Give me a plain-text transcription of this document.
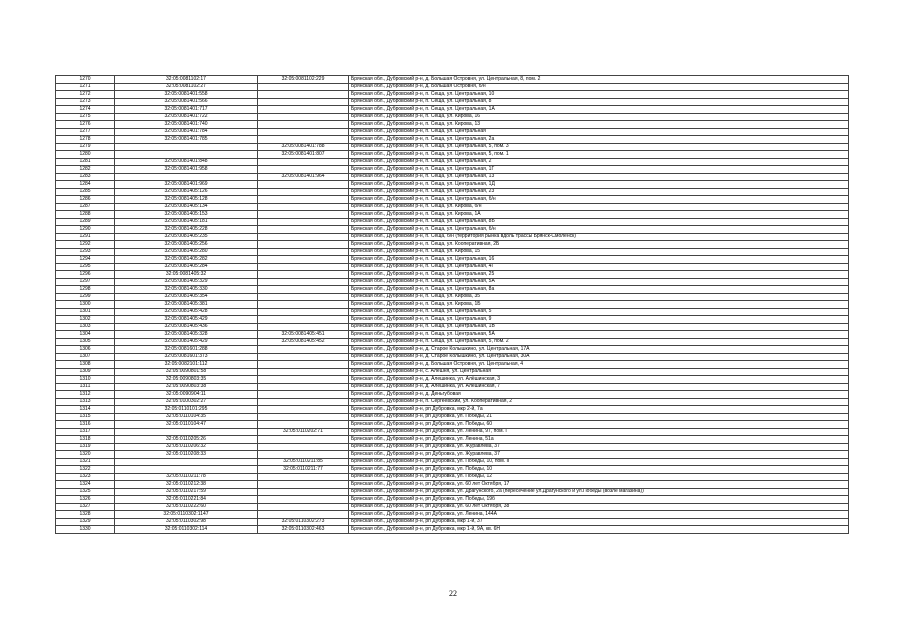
1270	32:05:0081102:17	32:05:0081102:229	Брянская обл., Дубровский р-н, д. Большая Островня, ул. Центральная, 8, пом. 2
1271	32:05:0081102:27		Брянская обл., Дубровский р-н, д. Большая Островня, б/н
1272	32:05:0081401:558		Брянская обл., Дубровский р-н, п. Сеща, ул. Центральная, 10
1273	32:05:0081401:566		Брянская обл., Дубровский р-н, п. Сеща, ул. Центральная, 8
1274	32:05:0081401:717		Брянская обл., Дубровский р-н, п. Сеща, ул. Центральная, 1А
1275	32:05:0081401:722		Брянская обл., Дубровский р-н, п. Сеща, ул. Кирова, 16
1276	32:05:0081401:740		Брянская обл., Дубровский р-н, п. Сеща, ул. Кирова, 13
1277	32:05:0081401:784		Брянская обл., Дубровский р-н, п. Сеща, ул. Центральная
1278	32:05:0081401:785		Брянская обл., Дубровский р-н, п. Сеща, ул. Центральная, 2а
1279		32:05:0081401:788	Брянская обл., Дубровский р-н, п. Сеща, ул. Центральная, 5, пом. 3
1280		32:05:0081401:807	Брянская обл., Дубровский р-н, п. Сеща, ул. Центральная, 5, пом. 1
1281	32:05:0081401:848		Брянская обл., Дубровский р-н, п. Сеща, ул. Центральная, 2
1282	32:05:0081401:958		Брянская обл., Дубровский р-н, п. Сеща, ул. Центральная, 1Г
1283		32:05:0081401:964	Брянская обл., Дубровский р-н, п. Сеща, ул. Центральная, 13
1284	32:05:0081401:969		Брянская обл., Дубровский р-н, п. Сеща, ул. Центральная, 1Д
1285	32:05:0081405:126		Брянская обл., Дубровский р-н, п. Сеща, ул. Центральная, 23
1286	32:05:0081405:128		Брянская обл., Дубровский р-н, п. Сеща, ул. Центральная, б/н
1287	32:05:0081405:134		Брянская обл., Дубровский р-н, п. Сеща, ул. Кирова, б/н
1288	32:05:0081405:153		Брянская обл., Дубровский р-н, п. Сеща, ул. Кирова, 1А
1289	32:05:0081405:181		Брянская обл., Дубровский р-н, п. Сеща, ул. Центральная, 8Б
1290	32:05:0081405:228		Брянская обл., Дубровский р-н, п. Сеща, ул. Центральная, б/н
1291	32:05:0081405:235		Брянская обл., Дубровский р-н, п. Сеща, б/н (территория рынка вдоль трассы Брянск-Смоленск)
1292	32:05:0081405:256		Брянская обл., Дубровский р-н, п. Сеща, ул. Кооперативная, 2Б
1293	32:05:0081405:280		Брянская обл., Дубровский р-н, п. Сеща, ул. Кирова, 15
1294	32:05:0081405:282		Брянская обл., Дубровский р-н, п. Сеща, ул. Центральная, 16
1295	32:05:0081405:284		Брянская обл., Дубровский р-н, п. Сеща, ул. Центральная, 4Г
1296	32:05:0081405:32		Брянская обл., Дубровский р-н, п. Сеща, ул. Центральная, 25
1297	32:05:0081405:329		Брянская обл., Дубровский р-н, п. Сеща, ул. Центральная, 5А
1298	32:05:0081405:330		Брянская обл., Дубровский р-н, п. Сеща, ул. Центральная, 8а
1299	32:05:0081405:354		Брянская обл., Дубровский р-н, п. Сеща, ул. Кирова, 35
1300	32:05:0081405:381		Брянская обл., Дубровский р-н, п. Сеща, ул. Кирова, 1Б
1301	32:05:0081405:428		Брянская обл., Дубровский р-н, п. Сеща, ул. Центральная, 5
1302	32:05:0081405:429		Брянская обл., Дубровский р-н, п. Сеща, ул. Центральная, 9
1303	32:05:0081405:436		Брянская обл., Дубровский р-н, п. Сеща, ул. Центральная, 1В
1304	32:05:0081405:328	32:05:0081405:451	Брянская обл., Дубровский р-н, п. Сеща, ул. Центральная, 5А
1305	32:05:0081405:429	32:05:0081405:452	Брянская обл., Дубровский р-н, п. Сеща, ул. Центральная, 5, пом. 2
1306	32:05:0081601:288		Брянская обл., Дубровский р-н, д. Старое Колышкино, ул. Центральная, 17А
1307	32:05:0081601:373		Брянская обл., Дубровский р-н, д. Старое Колышкино, ул. Центральная, 30А
1308	32:05:0082101:112		Брянская обл., Дубровский р-н, д. Большая Островня, ул. Центральная, 4
1309	32:05:0090801:58		Брянская обл., Дубровский р-н, с. Алешня, ул. Центральная
1310	32:05:0090803:35		Брянская обл., Дубровский р-н, д. Алешинка, ул. Алёшинская, 3
1311	32:05:0090803:38		Брянская обл., Дубровский р-н, д. Алешинка, ул. Алёшинская, 7
1312	32:05:0090904:11		Брянская обл., Дубровский р-н, д. Деньгубовая
1313	32:05:0100302:27		Брянская обл., Дубровский р-н, п. Сергеевский, ул. Кооперативная, 2
1314	32:05:0110101:295		Брянская обл., Дубровский р-н, рп Дубровка, мкр 2-й, 7а
1315	32:05:0110104:35		Брянская обл., Дубровский р-н, рп Дубровка, ул. Победы, 21
1316	32:05:0110104:47		Брянская обл., Дубровский р-н, рп Дубровка, ул. Победы, 60
1317		32:05:0110202:71	Брянская обл., Дубровский р-н, рп Дубровка, ул. Ленина, 97, пом. I
1318	32:05:0110205:26		Брянская обл., Дубровский р-н, рп Дубровка, ул. Ленина, 51а
1319	32:05:0110206:32		Брянская обл., Дубровский р-н, рп Дубровка, ул. Журавлева, 37
1320	32:05:0110208:33		Брянская обл., Дубровский р-н, рп Дубровка, ул. Журавлева, 37
1321		32:05:0110211:85	Брянская обл., Дубровский р-н, рп Дубровка, ул. Победы, 10, пом. II
1322		32:05:0110211:77	Брянская обл., Дубровский р-н, рп Дубровка, ул. Победы, 10
1323	32:05:0110211:78		Брянская обл., Дубровский р-н, рп Дубровка, ул. Победы, 12
1324	32:05:0110212:38		Брянская обл., Дубровский р-н, рп Дубровка, ул. 60 лет Октября, 17
1325	32:05:0110217:59		Брянская обл., Дубровский р-н, рп Дубровка, ул. Драгунского, 2а (пересечение ул.Драгунского и ул.Победы (возле магазина))
1326	32:05:0110221:84		Брянская обл., Дубровский р-н, рп Дубровка, ул. Победы, 19б
1327	32:05:0110222:60		Брянская обл., Дубровский р-н, рп Дубровка, ул. 60 лет Октября, 38
1328	32:05:0110302:1147		Брянская обл., Дубровский р-н, рп Дубровка, ул. Ленина, 144А
1329	32:05:0110302:98	32:05:0110302:273	Брянская обл., Дубровский р-н, рп Дубровка, мкр 1-й, 37
1330	32:05:0110302:114	32:05:0110302:463	Брянская обл., Дубровский р-н, рп Дубровка, мкр 1-й, 9А, кв. 6Н
22
